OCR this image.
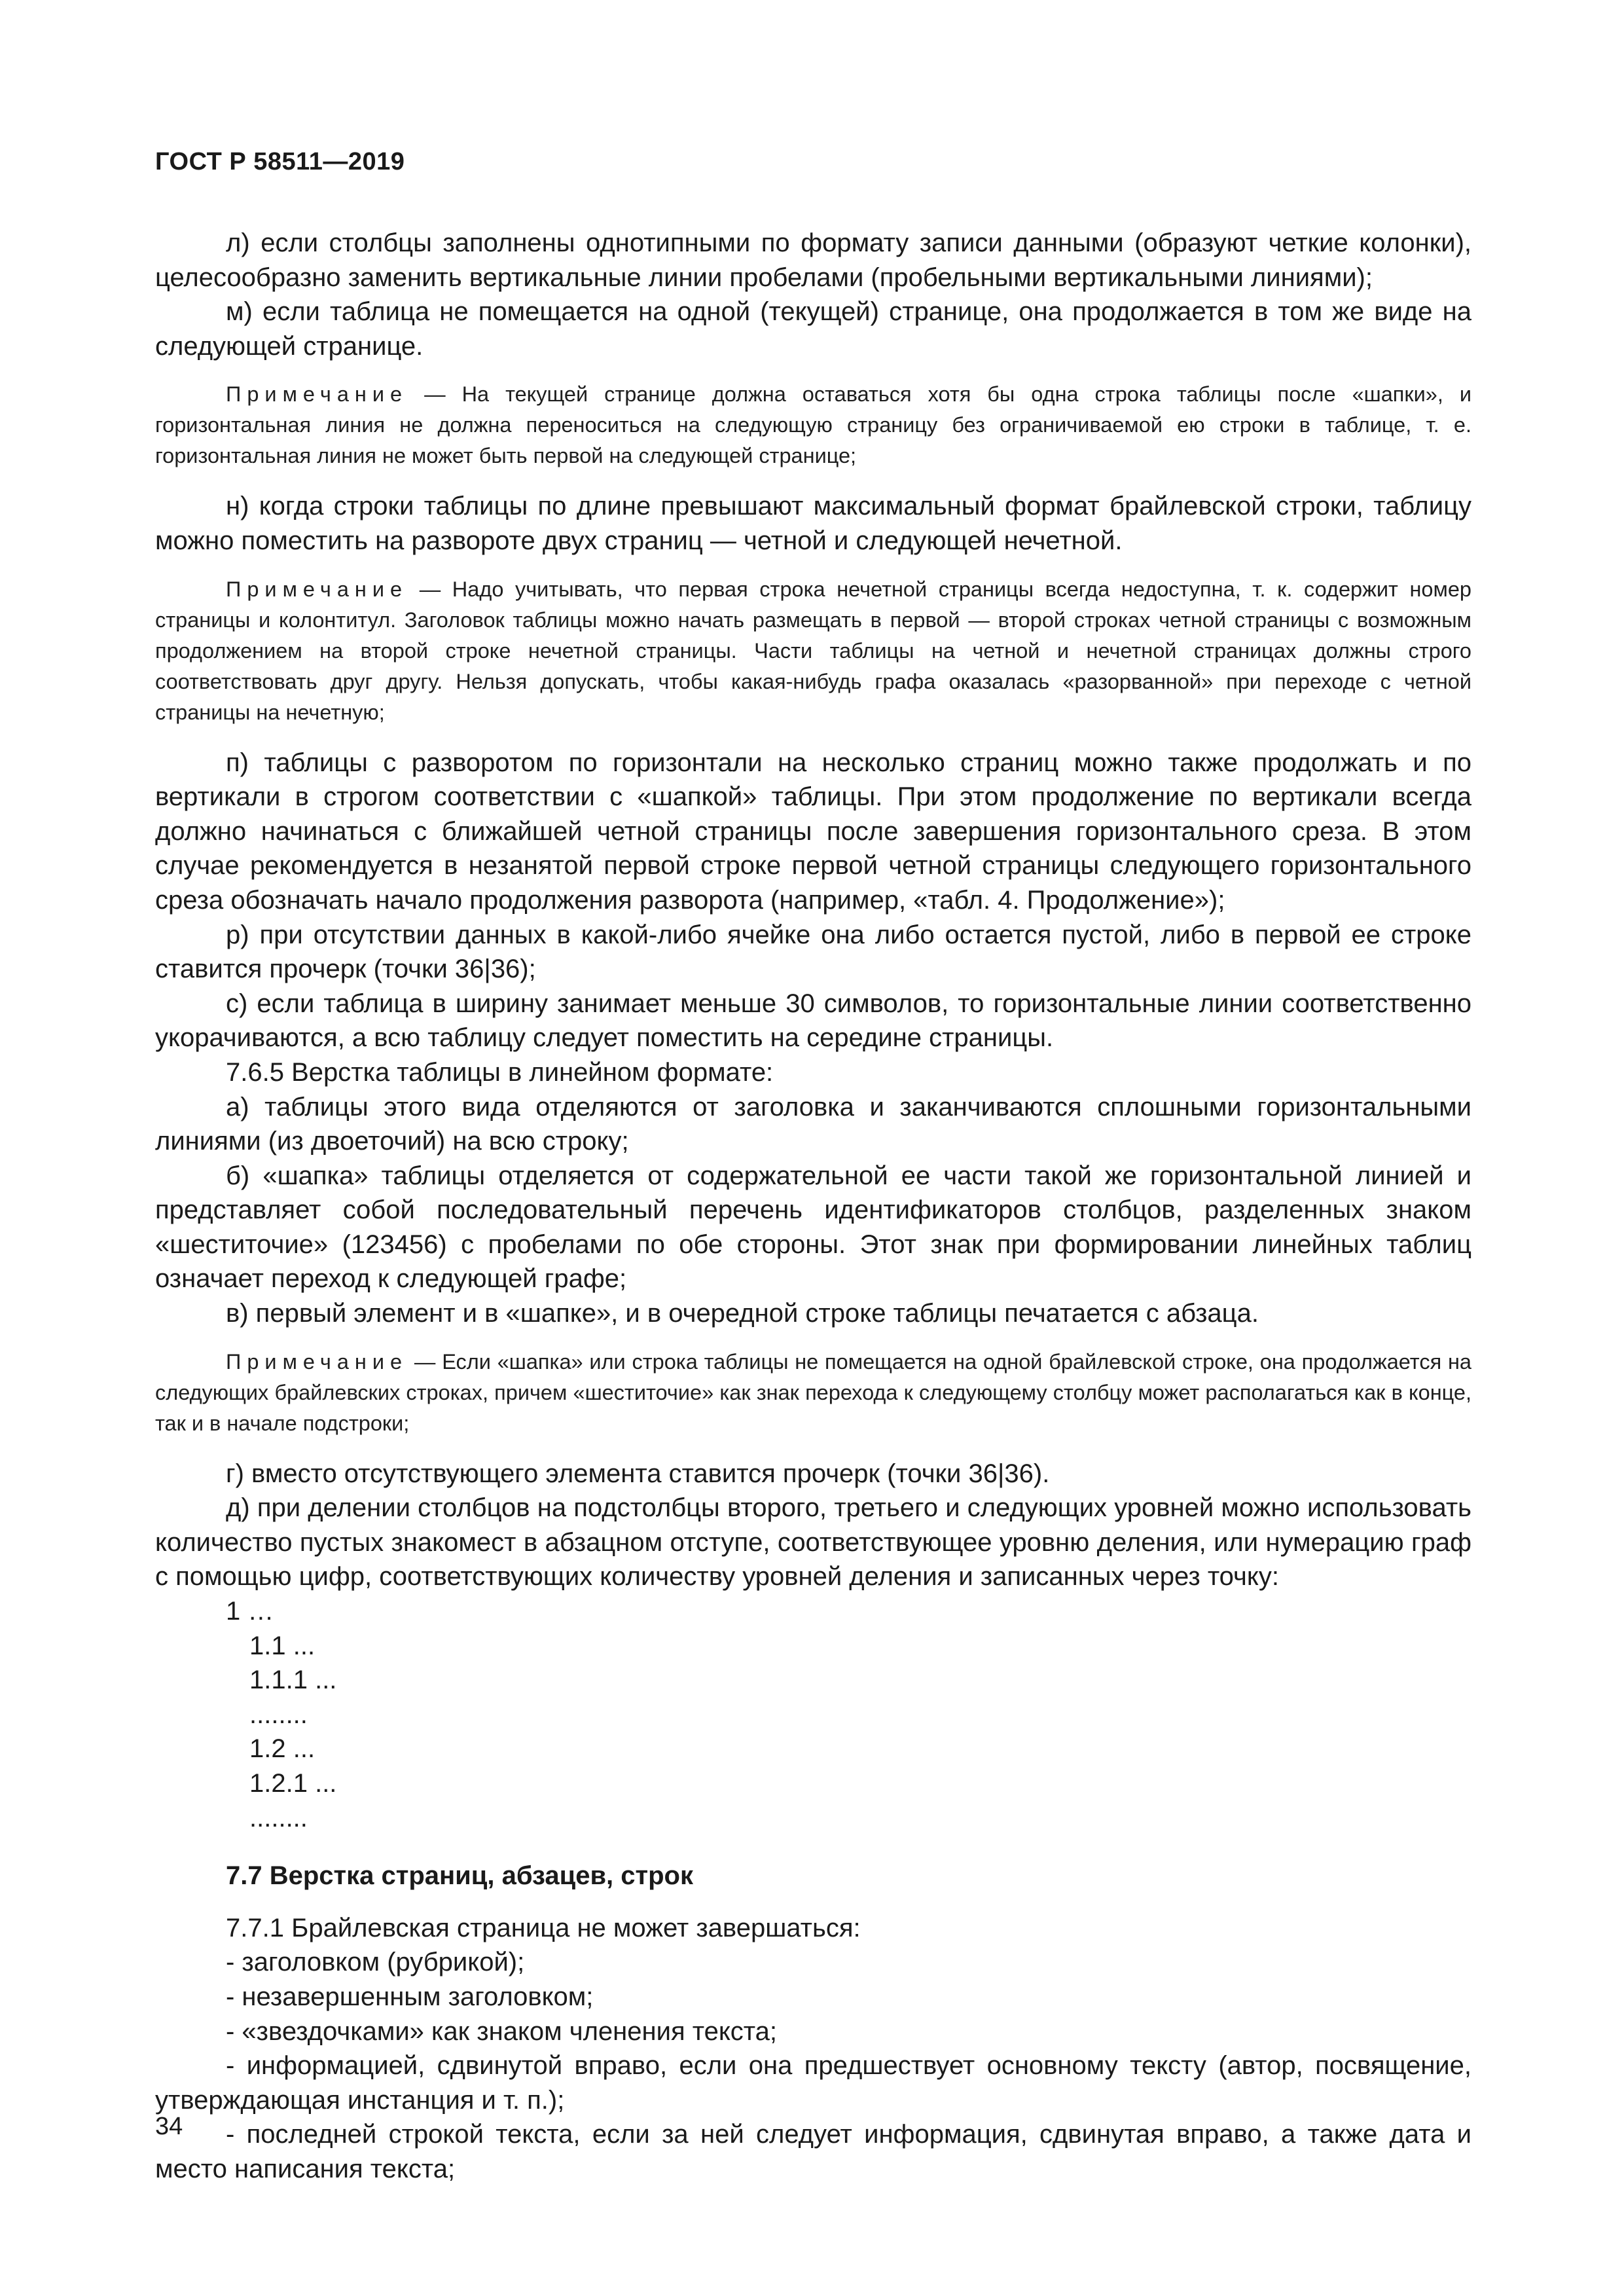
ГОСТ Р 58511—2019

л) если столбцы заполнены однотипными по формату записи данными (образуют четкие колонки), целесообразно заменить вертикальные линии пробелами (пробельными вертикальными линиями);

м) если таблица не помещается на одной (текущей) странице, она продолжается в том же виде на следующей странице.

Примечание — На текущей странице должна оставаться хотя бы одна строка таблицы после «шапки», и горизонтальная линия не должна переноситься на следующую страницу без ограничиваемой ею строки в таблице, т. е. горизонтальная линия не может быть первой на следующей странице;

н) когда строки таблицы по длине превышают максимальный формат брайлевской строки, таблицу можно поместить на развороте двух страниц — четной и следующей нечетной.

Примечание — Надо учитывать, что первая строка нечетной страницы всегда недоступна, т. к. содержит номер страницы и колонтитул. Заголовок таблицы можно начать размещать в первой — второй строках четной страницы с возможным продолжением на второй строке нечетной страницы. Части таблицы на четной и нечетной страницах должны строго соответствовать друг другу. Нельзя допускать, чтобы какая-нибудь графа оказалась «разорванной» при переходе с четной страницы на нечетную;

п) таблицы с разворотом по горизонтали на несколько страниц можно также продолжать и по вертикали в строгом соответствии с «шапкой» таблицы. При этом продолжение по вертикали всегда должно начинаться с ближайшей четной страницы после завершения горизонтального среза. В этом случае рекомендуется в незанятой первой строке первой четной страницы следующего горизонтального среза обозначать начало продолжения разворота (например, «табл. 4. Продолжение»);

р) при отсутствии данных в какой-либо ячейке она либо остается пустой, либо в первой ее строке ставится прочерк (точки 36|36);

с) если таблица в ширину занимает меньше 30 символов, то горизонтальные линии соответственно укорачиваются, а всю таблицу следует поместить на середине страницы.

7.6.5 Верстка таблицы в линейном формате:

а) таблицы этого вида отделяются от заголовка и заканчиваются сплошными горизонтальными линиями (из двоеточий) на всю строку;

б) «шапка» таблицы отделяется от содержательной ее части такой же горизонтальной линией и представляет собой последовательный перечень идентификаторов столбцов, разделенных знаком «шеститочие» (123456) с пробелами по обе стороны. Этот знак при формировании линейных таблиц означает переход к следующей графе;

в) первый элемент и в «шапке», и в очередной строке таблицы печатается с абзаца.

Примечание — Если «шапка» или строка таблицы не помещается на одной брайлевской строке, она продолжается на следующих брайлевских строках, причем «шеститочие» как знак перехода к следующему столбцу может располагаться как в конце, так и в начале подстроки;

г) вместо отсутствующего элемента ставится прочерк (точки 36|36).

д) при делении столбцов на подстолбцы второго, третьего и следующих уровней можно использовать количество пустых знакомест в абзацном отступе, соответствующее уровню деления, или нумерацию граф с помощью цифр, соответствующих количеству уровней деления и записанных через точку:

1 …

1.1 ...

1.1.1 ...

........

1.2 ...

1.2.1 ...

........

7.7 Верстка страниц, абзацев, строк

7.7.1 Брайлевская страница не может завершаться:

- заголовком (рубрикой);

- незавершенным заголовком;

- «звездочками» как знаком членения текста;

- информацией, сдвинутой вправо, если она предшествует основному тексту (автор, посвящение, утверждающая инстанция и т. п.);

- последней строкой текста, если за ней следует информация, сдвинутая вправо, а также дата и место написания текста;

34
